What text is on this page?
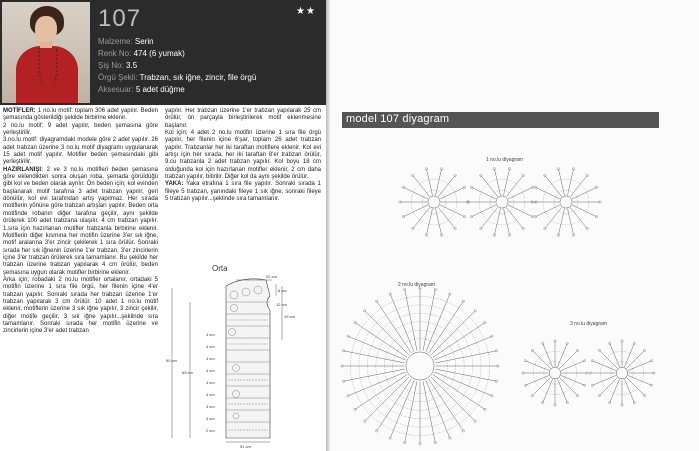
107	★★
Malzeme: Serin
Renk No: 474 (6 yumak)
Şiş No: 3.5
Örgü Şekli: Trabzan, sık iğne, zincir, file örgü
Aksesuar: 5 adet düğme

MOTİFLER: 1 no.lu motif: toplam 306 adet yapılır. Beden şemasında gösterildiği şekilde birbirine eklenir.

2 no.lu motif: 9 adet yapılır, beden şemasına göre yerleştirilir.

3.no.lu motif: diyagramdaki modele göre 2 adet yapılır. 26 adet trabzan üzerine 3 no.lu motif diyagramı uygulanarak 15 adet motif yapılır. Motifler beden şemasındaki gibi yerleştirilir.

HAZIRLANIŞI: 2 ve 3 no.lu motifleri beden şemasına göre eklendikten sonra oluşan roba, şemada görüldüğü gibi kol ve beden olarak ayrılır. Ön beden için; kol evinden başlanarak motif tarafına 3 adet trabzan yapılır, geri dönülür, kol evi tarafından artış yapılmaz. Her sırada motiflerin yönüne göre trabzan artışları yapılır. Beden orta motifinde robanın diğer tarafına geçilir, aynı şekilde örülerek 100 adet trabzana ulaşılır. 4 cm trabzan yapılır. 1.sıra için hazırlanan motifler trabzanla birbirine eklenir. Motiflerin diğer kısmına her motifin üzerine 3'er sık iğne, motif aralarına 3'er zincir çekilerek 1 sıra örülür. Sonraki sırada her sık iğnenin üzerine 1'er trabzan, 3'er zincirlerin içine 3'er trabzan örülerek sıra tamamlanır. Bu şekilde her trabzan üzerine trabzan yapılarak 4 cm örülür, beden şemasına uygun olarak motifler birbirine eklenir.

Arka için; robadaki 2 no.lu motifler ortalanır, ortadaki 5 motifin üzerine 1 sıra file örgü, her filenin içine 4'er trabzan yapılır. Sonraki sırada her trabzan üzerine 1'er trabzan yapılarak 3 cm örülür. 10 adet 1 no.lu motif eklenir, motiflerin üzerine 3 sık iğne yapılır, 3 zincir çekilir, diğer motife geçilir, 3 sık iğne yapılır...şeklinde sıra tamamlanır. Sonraki sırada her motifin üzerine ve zincirlerin içine 3'er adet trabzan

yapılır. Her trabzan üzerine 1'er trabzan yapılarak 25 cm örülür, ön parçayla birleştirilerek motif eklenmesine başlanır.

Kol için; 4 adet 2 no.lu motifin üzerine 1 sıra file örgü yapılır, her filenin içine 6'şar, toplam 26 adet trabzan yapılır. Trabzanlar her iki taraftan motiflere eklenir. Kol evi artışı için her sırada, her iki taraftan 8'er trabzan örülür, 9.cu trabzanla 2 adet trabzan yapılır. Kol boyu 18 cm olduğunda kol için hazırlanan motifler eklenir, 2 cm daha trabzan yapılır, bitirilir. Diğer kol da aynı şekilde örülür.

YAKA: Yaka etrafına 1 sıra file yapılır. Sonraki sırada 1 fileye 5 trabzan, yanındaki fileye 1 sık iğne, sonraki fileye 5 trabzan yapılır...şeklinde sıra tamamlanır.

Orta
22 cm
6 cm
12 cm
19 cm
90 cm
69 cm
4 cm
4 cm
4 cm
4 cm
4 cm
4 cm
3 cm
3 cm
2 cm
51 cm
model 107 diyagram
1 no.lu diyagram
2 no.lu diyagram
3 no.lu diyagram
